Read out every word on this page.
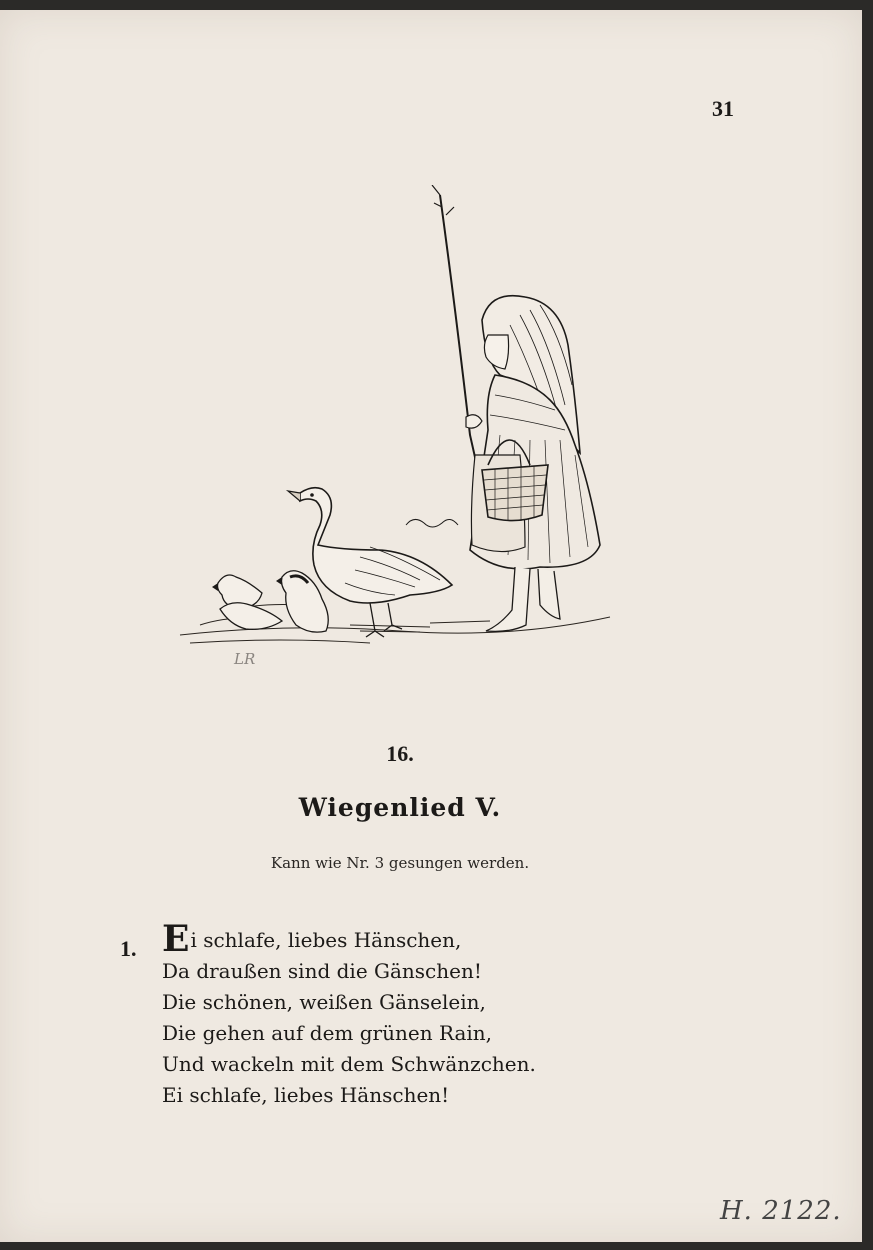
31
LR
16.
Wiegenlied V.
Kann wie Nr. 3 gesungen werden.
1. Ei schlafe, liebes Hänschen,
Da draußen sind die Gänschen!
Die schönen, weißen Gänselein,
Die gehen auf dem grünen Rain,
Und wackeln mit dem Schwänzchen.
Ei schlafe, liebes Hänschen!
H. 2122.
